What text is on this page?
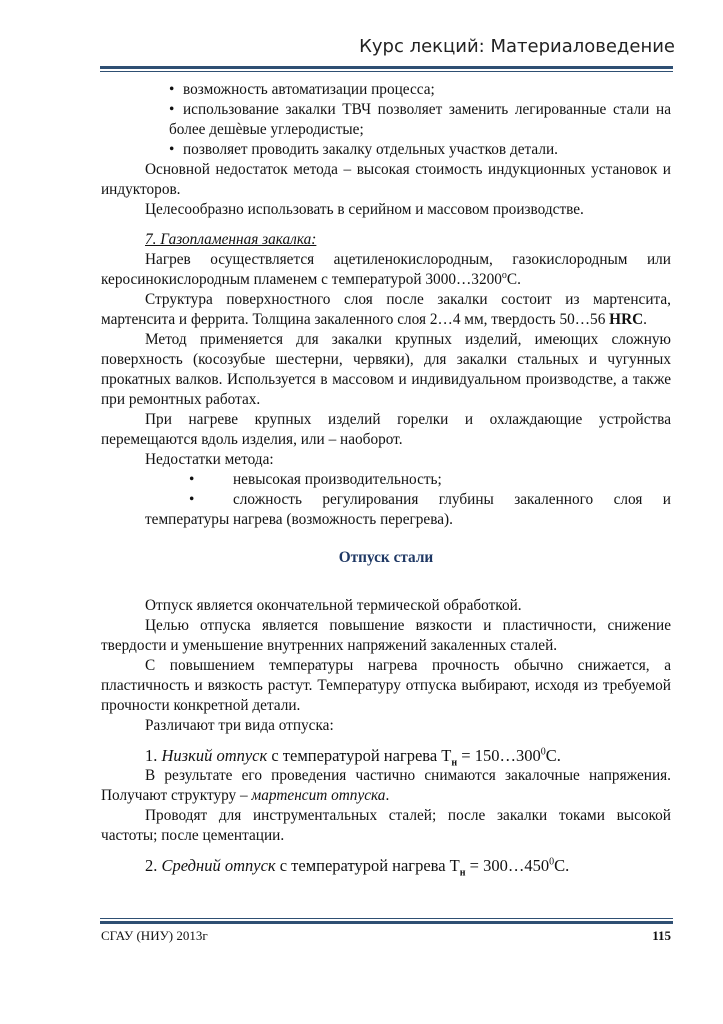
Курс лекций: Материаловедение

• возможность автоматизации процесса;

• использование закалки ТВЧ позволяет заменить легированные стали на более дешѐвые углеродистые;

• позволяет проводить закалку отдельных участков детали.

Основной недостаток метода – высокая стоимость индукционных установок и индукторов.

Целесообразно использовать в серийном и массовом производстве.

7. Газопламенная закалка:

Нагрев осуществляется ацетиленокислородным, газокислородным или керосинокислородным пламенем с температурой $3000\dots 3200^оС$.

Структура поверхностного слоя после закалки состоит из мартенсита, мартенсита и феррита. Толщина закаленного слоя 2…4 мм, твердость 50…56 HRC.

Метод применяется для закалки крупных изделий, имеющих сложную поверхность (косозубые шестерни, червяки), для закалки стальных и чугунных прокатных валков. Используется в массовом и индивидуальном производстве, а также при ремонтных работах.

При нагреве крупных изделий горелки и охлаждающие устройства перемещаются вдоль изделия, или – наоборот.

Недостатки метода:

•	невысокая производительность;

•	сложность регулирования глубины закаленного слоя и температуры нагрева (возможность перегрева).

Отпуск стали

Отпуск является окончательной термической обработкой.

Целью отпуска является повышение вязкости и пластичности, снижение твердости и уменьшение внутренних напряжений закаленных сталей.

С повышением температуры нагрева прочность обычно снижается, а пластичность и вязкость растут. Температуру отпуска выбирают, исходя из требуемой прочности конкретной детали.

Различают три вида отпуска:

1. Низкий отпуск с температурой нагрева $Т_н$ = $150\dots 300^0С$.

В результате его проведения частично снимаются закалочные напряжения. Получают структуру – мартенсит отпуска.

Проводят для инструментальных сталей; после закалки токами высокой частоты; после цементации.

2. Средний отпуск с температурой нагрева $Т_н$ = $300\dots 450^0С$.

СГАУ (НИУ) 2013г	115
